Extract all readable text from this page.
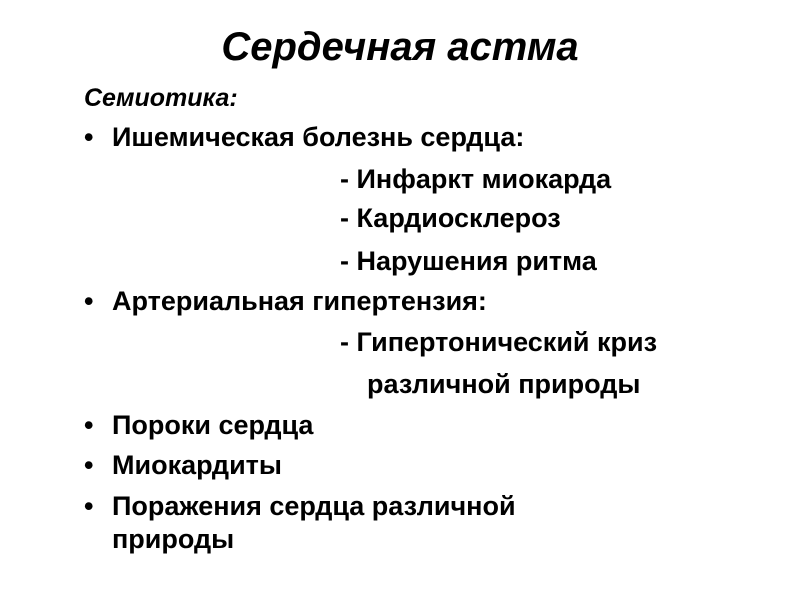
Сердечная астма
Семиотика:
• Ишемическая болезнь сердца:
- Инфаркт миокарда
- Кардиосклероз
- Нарушения ритма
• Артериальная гипертензия:
- Гипертонический криз
различной природы
• Пороки сердца
• Миокардиты
• Поражения сердца различной
природы
